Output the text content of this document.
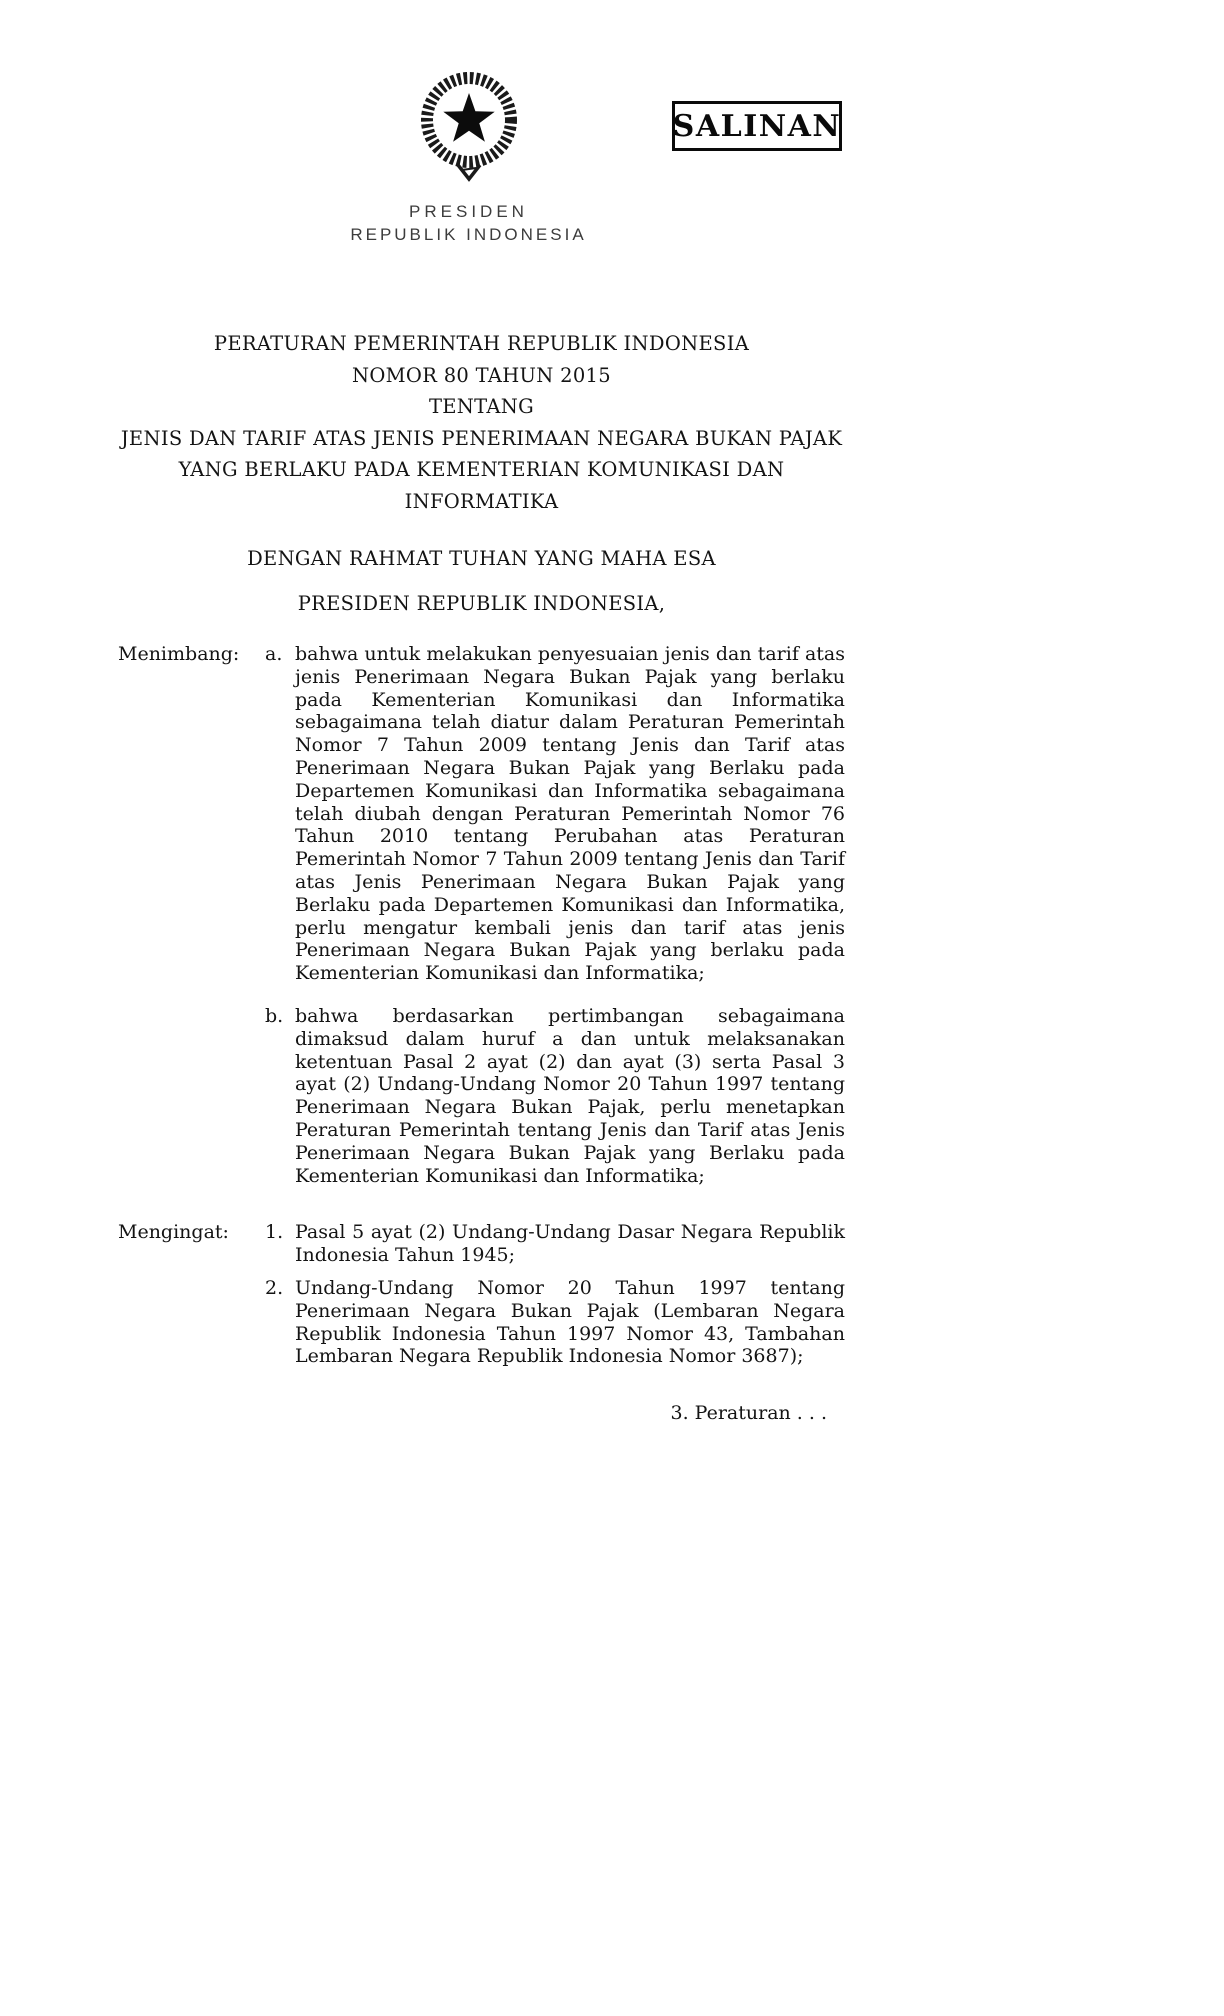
SALINAN
PRESIDEN
REPUBLIK INDONESIA
PERATURAN PEMERINTAH REPUBLIK INDONESIA
NOMOR 80 TAHUN 2015
TENTANG
JENIS DAN TARIF ATAS JENIS PENERIMAAN NEGARA BUKAN PAJAK
YANG BERLAKU PADA KEMENTERIAN KOMUNIKASI DAN INFORMATIKA
DENGAN RAHMAT TUHAN YANG MAHA ESA
PRESIDEN REPUBLIK INDONESIA,
Menimbang:	a. bahwa untuk melakukan penyesuaian jenis dan tarif atas jenis Penerimaan Negara Bukan Pajak yang berlaku pada Kementerian Komunikasi dan Informatika sebagaimana telah diatur dalam Peraturan Pemerintah Nomor 7 Tahun 2009 tentang Jenis dan Tarif atas Penerimaan Negara Bukan Pajak yang Berlaku pada Departemen Komunikasi dan Informatika sebagaimana telah diubah dengan Peraturan Pemerintah Nomor 76 Tahun 2010 tentang Perubahan atas Peraturan Pemerintah Nomor 7 Tahun 2009 tentang Jenis dan Tarif atas Jenis Penerimaan Negara Bukan Pajak yang Berlaku pada Departemen Komunikasi dan Informatika, perlu mengatur kembali jenis dan tarif atas jenis Penerimaan Negara Bukan Pajak yang berlaku pada Kementerian Komunikasi dan Informatika;
b. bahwa berdasarkan pertimbangan sebagaimana dimaksud dalam huruf a dan untuk melaksanakan ketentuan Pasal 2 ayat (2) dan ayat (3) serta Pasal 3 ayat (2) Undang-Undang Nomor 20 Tahun 1997 tentang Penerimaan Negara Bukan Pajak, perlu menetapkan Peraturan Pemerintah tentang Jenis dan Tarif atas Jenis Penerimaan Negara Bukan Pajak yang Berlaku pada Kementerian Komunikasi dan Informatika;
Mengingat:	1. Pasal 5 ayat (2) Undang-Undang Dasar Negara Republik Indonesia Tahun 1945;
2. Undang-Undang Nomor 20 Tahun 1997 tentang Penerimaan Negara Bukan Pajak (Lembaran Negara Republik Indonesia Tahun 1997 Nomor 43, Tambahan Lembaran Negara Republik Indonesia Nomor 3687);
3. Peraturan . . .
